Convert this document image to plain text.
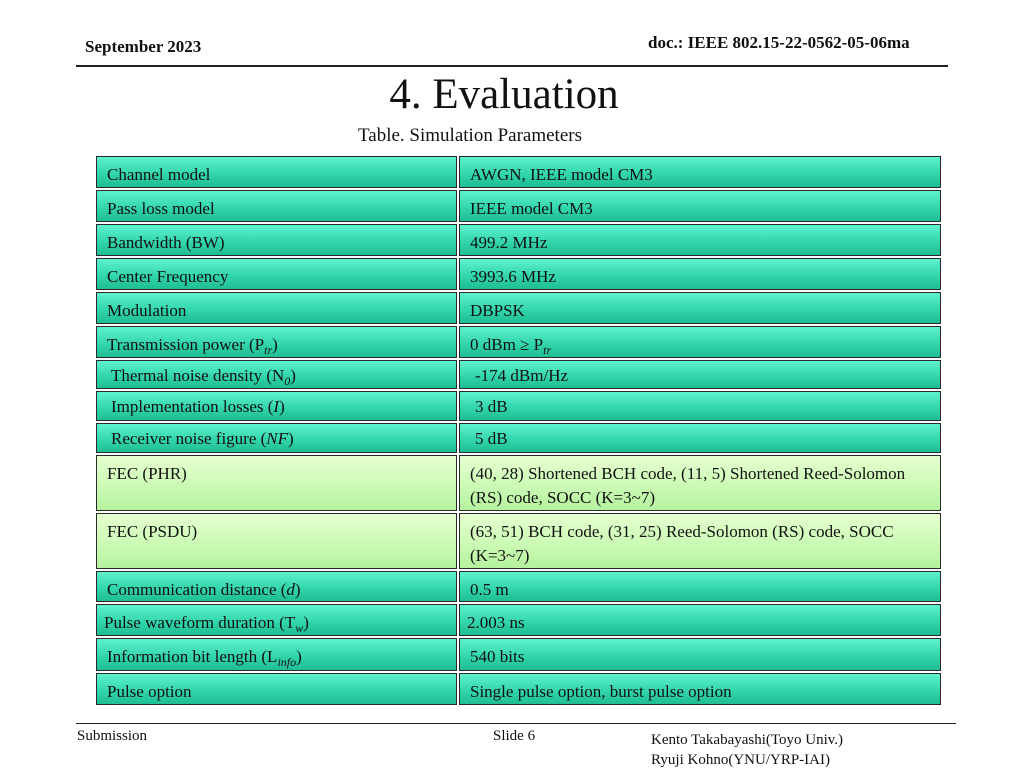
September 2023	doc.: IEEE 802.15-22-0562-05-06ma
4. Evaluation
Table. Simulation Parameters
Channel model	AWGN, IEEE model CM3
Pass loss model	IEEE model CM3
Bandwidth (BW)	499.2 MHz
Center Frequency	3993.6 MHz
Modulation	DBPSK
Transmission power $(P_{tr})$	0 dBm ≥ $P_{tr}$
Thermal noise density $(N_0)$	-174 dBm/Hz
Implementation losses (I)	3 dB
Receiver noise figure (NF)	5 dB
FEC (PHR)	(40, 28) Shortened BCH code, (11, 5) Shortened Reed-Solomon (RS) code, SOCC (K=3~7)
FEC (PSDU)	(63, 51) BCH code, (31, 25) Reed-Solomon (RS) code, SOCC (K=3~7)
Communication distance (d)	0.5 m
Pulse waveform duration $(T_w)$	2.003 ns
Information bit length $(L_{info})$	540 bits
Pulse option	Single pulse option, burst pulse option
Submission	Slide 6	Kento Takabayashi(Toyo Univ.)
Ryuji Kohno(YNU/YRP-IAI)
